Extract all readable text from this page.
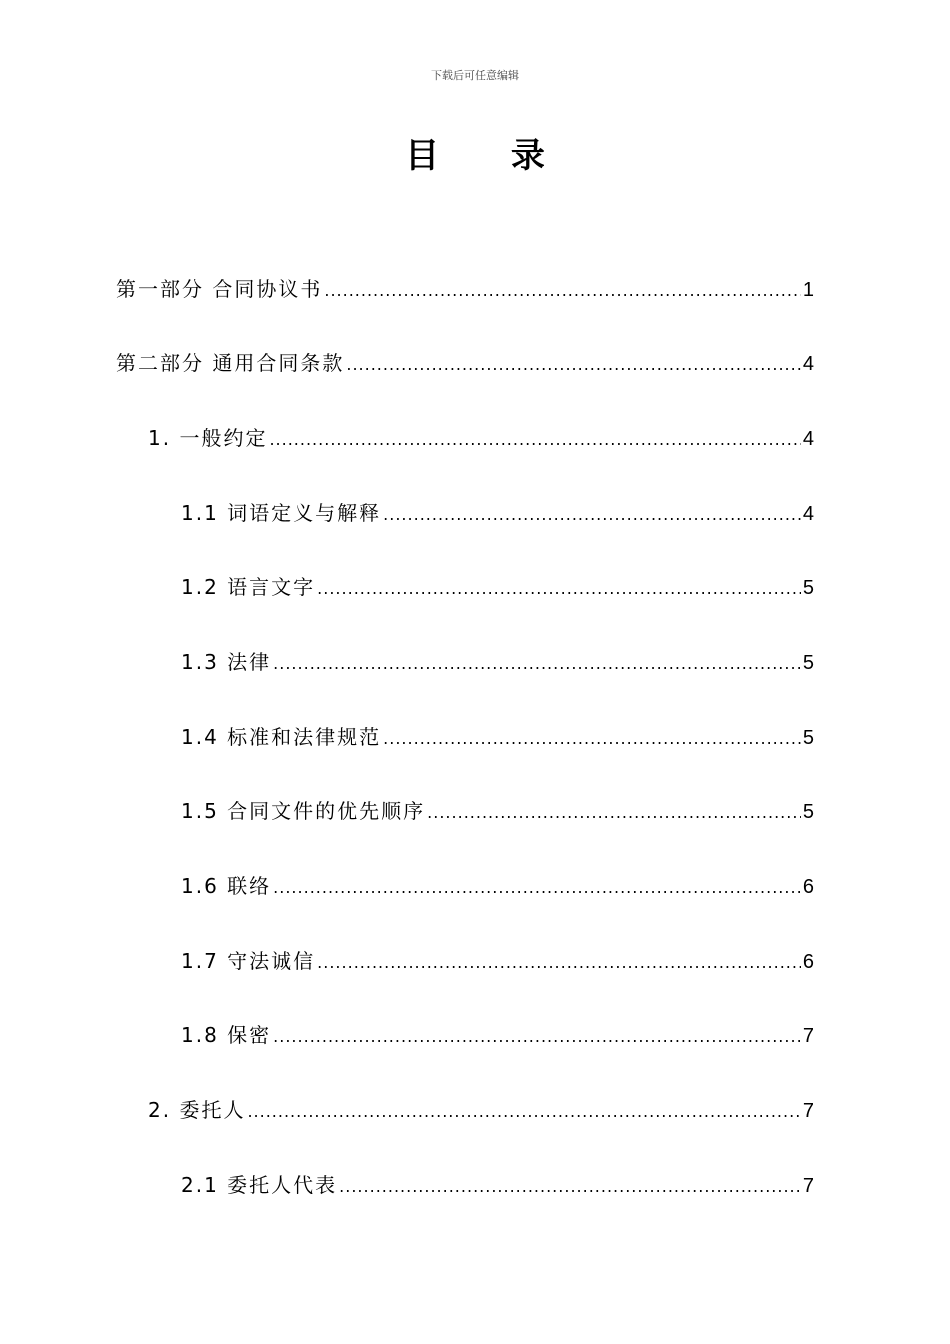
下载后可任意编辑
目 录
第一部分 合同协议书 .....	1
第二部分 通用合同条款 .....	4
1. 一般约定 .....	4
1.1 词语定义与解释 .....	4
1.2 语言文字 .....	5
1.3 法律 .....	5
1.4 标准和法律规范 .....	5
1.5 合同文件的优先顺序 .....	5
1.6 联络 .....	6
1.7 守法诚信 .....	6
1.8 保密 .....	7
2. 委托人 .....	7
2.1 委托人代表 .....	7
